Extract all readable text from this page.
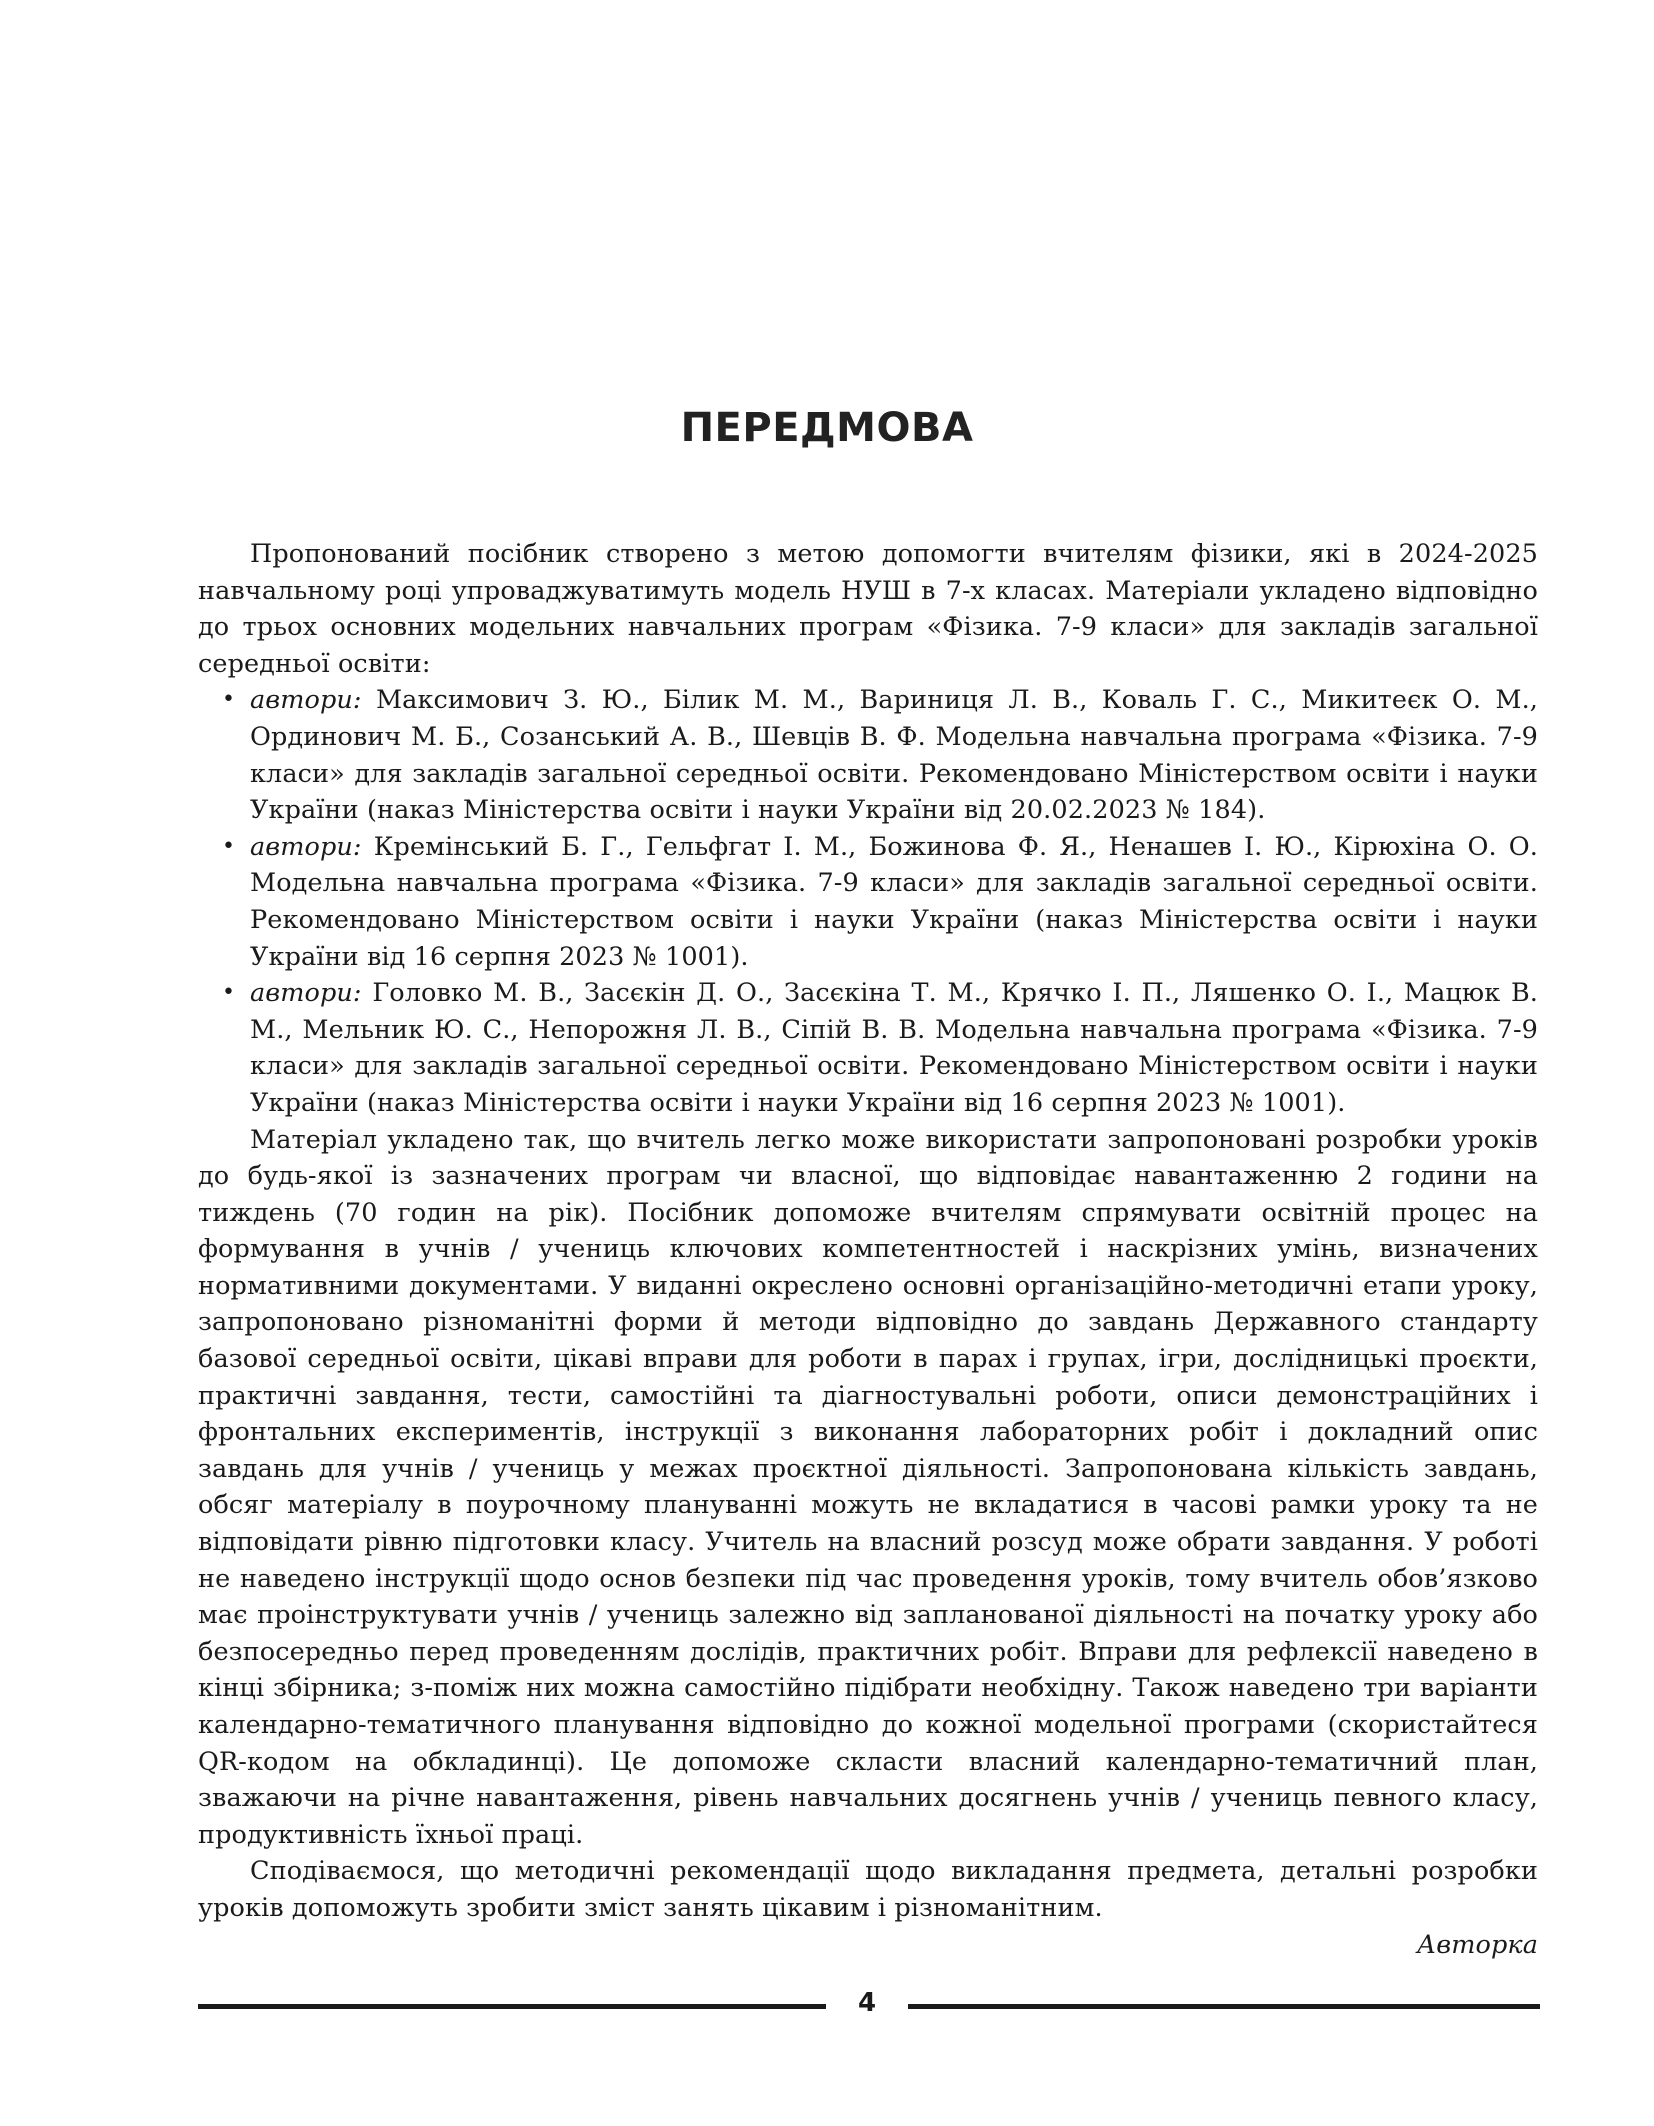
ПЕРЕДМОВА

Пропонований посібник створено з метою допомогти вчителям фізики, які в 2024-2025 навчальному році упроваджуватимуть модель НУШ в 7-х класах. Матеріали укладено відповідно до трьох основних модельних навчальних програм «Фізика. 7-9 класи» для закладів загальної середньої освіти:

• автори: Максимович З. Ю., Білик М. М., Вариниця Л. В., Коваль Г. С., Микитеєк О. М., Ординович М. Б., Созанський А. В., Шевців В. Ф. Модельна навчальна програма «Фізика. 7-9 класи» для закладів загальної середньої освіти. Рекомендовано Міністерством освіти і науки України (наказ Міністерства освіти і науки України від 20.02.2023 № 184).
• автори: Кремінський Б. Г., Гельфгат І. М., Божинова Ф. Я., Ненашев І. Ю., Кірюхіна О. О. Модельна навчальна програма «Фізика. 7-9 класи» для закладів загальної середньої освіти. Рекомендовано Міністерством освіти і науки України (наказ Міністерства освіти і науки України від 16 серпня 2023 № 1001).
• автори: Головко М. В., Засєкін Д. О., Засєкіна Т. М., Крячко І. П., Ляшенко О. І., Мацюк В. М., Мельник Ю. С., Непорожня Л. В., Сіпій В. В. Модельна навчальна програма «Фізика. 7-9 класи» для закладів загальної середньої освіти. Рекомендовано Міністерством освіти і науки України (наказ Міністерства освіти і науки України від 16 серпня 2023 № 1001).

Матеріал укладено так, що вчитель легко може використати запропоновані розробки уроків до будь-якої із зазначених програм чи власної, що відповідає навантаженню 2 години на тиждень (70 годин на рік). Посібник допоможе вчителям спрямувати освітній процес на формування в учнів / учениць ключових компетентностей і наскрізних умінь, визначених нормативними документами. У виданні окреслено основні організаційно-методичні етапи уроку, запропоновано різноманітні форми й методи відповідно до завдань Державного стандарту базової середньої освіти, цікаві вправи для роботи в парах і групах, ігри, дослідницькі проєкти, практичні завдання, тести, самостійні та діагностувальні роботи, описи демонстраційних і фронтальних експериментів, інструкції з виконання лабораторних робіт і докладний опис завдань для учнів / учениць у межах проєктної діяльності. Запропонована кількість завдань, обсяг матеріалу в поурочному плануванні можуть не вкладатися в часові рамки уроку та не відповідати рівню підготовки класу. Учитель на власний розсуд може обрати завдання. У роботі не наведено інструкції щодо основ безпеки під час проведення уроків, тому вчитель обов’язково має проінструктувати учнів / учениць залежно від запланованої діяльності на початку уроку або безпосередньо перед проведенням дослідів, практичних робіт. Вправи для рефлексії наведено в кінці збірника; з-поміж них можна самостійно підібрати необхідну. Також наведено три варіанти календарно-тематичного планування відповідно до кожної модельної програми (скористайтеся QR-кодом на обкладинці). Це допоможе скласти власний календарно-тематичний план, зважаючи на річне навантаження, рівень навчальних досягнень учнів / учениць певного класу, продуктивність їхньої праці.

Сподіваємося, що методичні рекомендації щодо викладання предмета, детальні розробки уроків допоможуть зробити зміст занять цікавим і різноманітним.

Авторка

4
